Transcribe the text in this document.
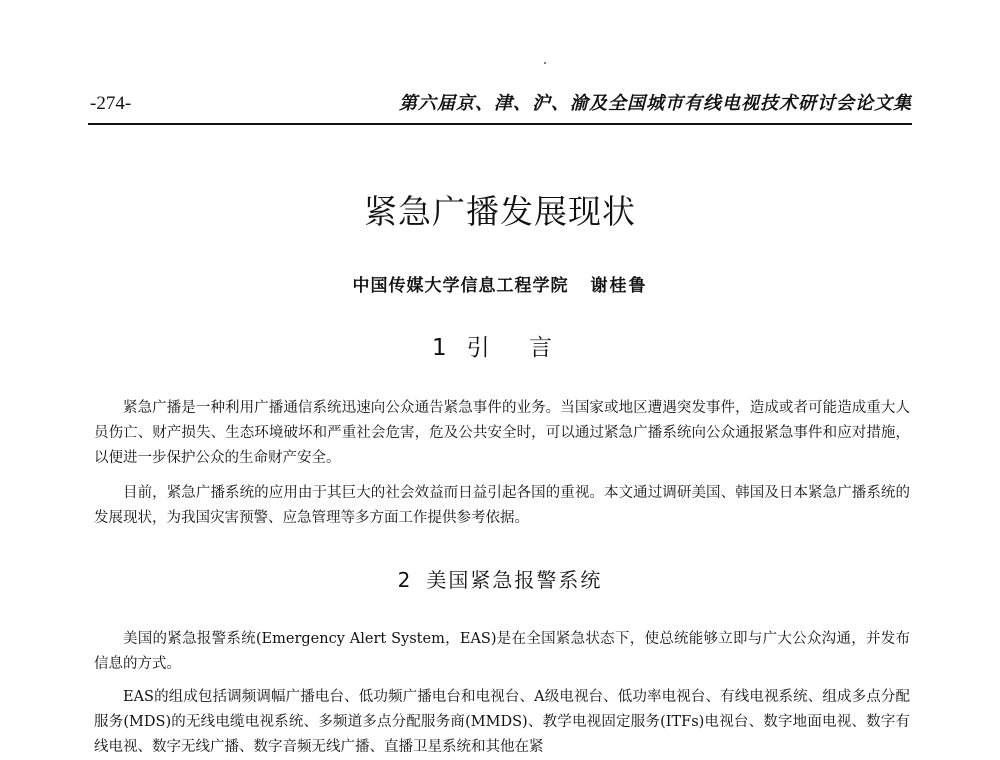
-274-	第六届京、津、沪、渝及全国城市有线电视技术研讨会论文集
紧急广播发展现状
中国传媒大学信息工程学院 谢桂鲁
1 引 言

紧急广播是一种利用广播通信系统迅速向公众通告紧急事件的业务。当国家或地区遭遇突发事件，造成或者可能造成重大人员伤亡、财产损失、生态环境破坏和严重社会危害，危及公共安全时，可以通过紧急广播系统向公众通报紧急事件和应对措施，以便进一步保护公众的生命财产安全。

目前，紧急广播系统的应用由于其巨大的社会效益而日益引起各国的重视。本文通过调研美国、韩国及日本紧急广播系统的发展现状，为我国灾害预警、应急管理等多方面工作提供参考依据。

2 美国紧急报警系统

美国的紧急报警系统(Emergency Alert System，EAS)是在全国紧急状态下，使总统能够立即与广大公众沟通，并发布信息的方式。

EAS的组成包括调频调幅广播电台、低功频广播电台和电视台、A级电视台、低功率电视台、有线电视系统、组成多点分配服务(MDS)的无线电缆电视系统、多频道多点分配服务商(MMDS)、教学电视固定服务(ITFs)电视台、数字地面电视、数字有线电视、数字无线广播、数字音频无线广播、直播卫星系统和其他在紧
